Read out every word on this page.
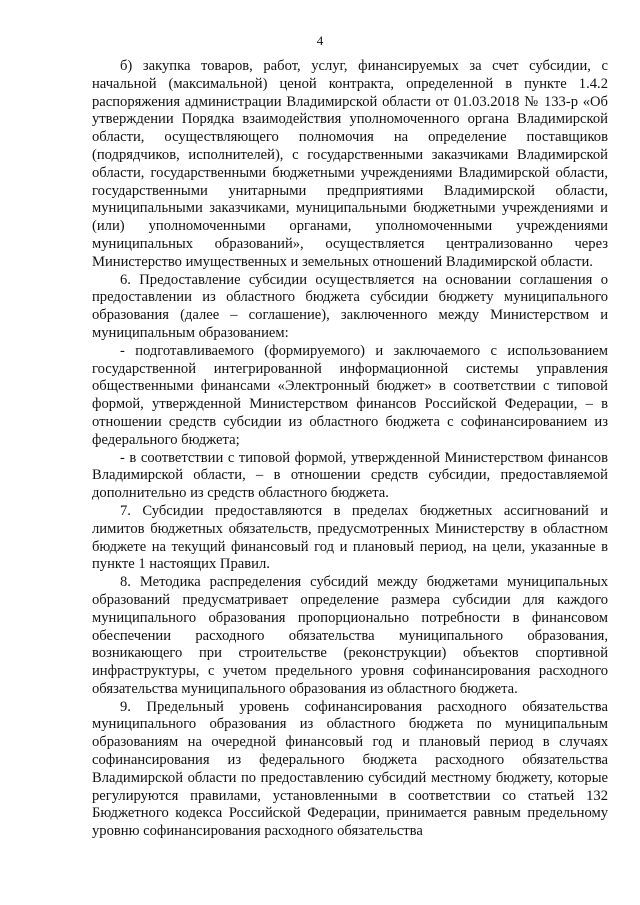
4

б) закупка товаров, работ, услуг, финансируемых за счет субсидии, с начальной (максимальной) ценой контракта, определенной в пункте 1.4.2 распоряжения администрации Владимирской области от 01.03.2018 № 133-р «Об утверждении Порядка взаимодействия уполномоченного органа Владимирской области, осуществляющего полномочия на определение поставщиков (подрядчиков, исполнителей), с государственными заказчиками Владимирской области, государственными бюджетными учреждениями Владимирской области, государственными унитарными предприятиями Владимирской области, муниципальными заказчиками, муниципальными бюджетными учреждениями и (или) уполномоченными органами, уполномоченными учреждениями муниципальных образований», осуществляется централизованно через Министерство имущественных и земельных отношений Владимирской области.

6. Предоставление субсидии осуществляется на основании соглашения о предоставлении из областного бюджета субсидии бюджету муниципального образования (далее – соглашение), заключенного между Министерством и муниципальным образованием:

- подготавливаемого (формируемого) и заключаемого с использованием государственной интегрированной информационной системы управления общественными финансами «Электронный бюджет» в соответствии с типовой формой, утвержденной Министерством финансов Российской Федерации, – в отношении средств субсидии из областного бюджета с софинансированием из федерального бюджета;

- в соответствии с типовой формой, утвержденной Министерством финансов Владимирской области, – в отношении средств субсидии, предоставляемой дополнительно из средств областного бюджета.

7. Субсидии предоставляются в пределах бюджетных ассигнований и лимитов бюджетных обязательств, предусмотренных Министерству в областном бюджете на текущий финансовый год и плановый период, на цели, указанные в пункте 1 настоящих Правил.

8. Методика распределения субсидий между бюджетами муниципальных образований предусматривает определение размера субсидии для каждого муниципального образования пропорционально потребности в финансовом обеспечении расходного обязательства муниципального образования, возникающего при строительстве (реконструкции) объектов спортивной инфраструктуры, с учетом предельного уровня софинансирования расходного обязательства муниципального образования из областного бюджета.

9. Предельный уровень софинансирования расходного обязательства муниципального образования из областного бюджета по муниципальным образованиям на очередной финансовый год и плановый период в случаях софинансирования из федерального бюджета расходного обязательства Владимирской области по предоставлению субсидий местному бюджету, которые регулируются правилами, установленными в соответствии со статьей 132 Бюджетного кодекса Российской Федерации, принимается равным предельному уровню софинансирования расходного обязательства
